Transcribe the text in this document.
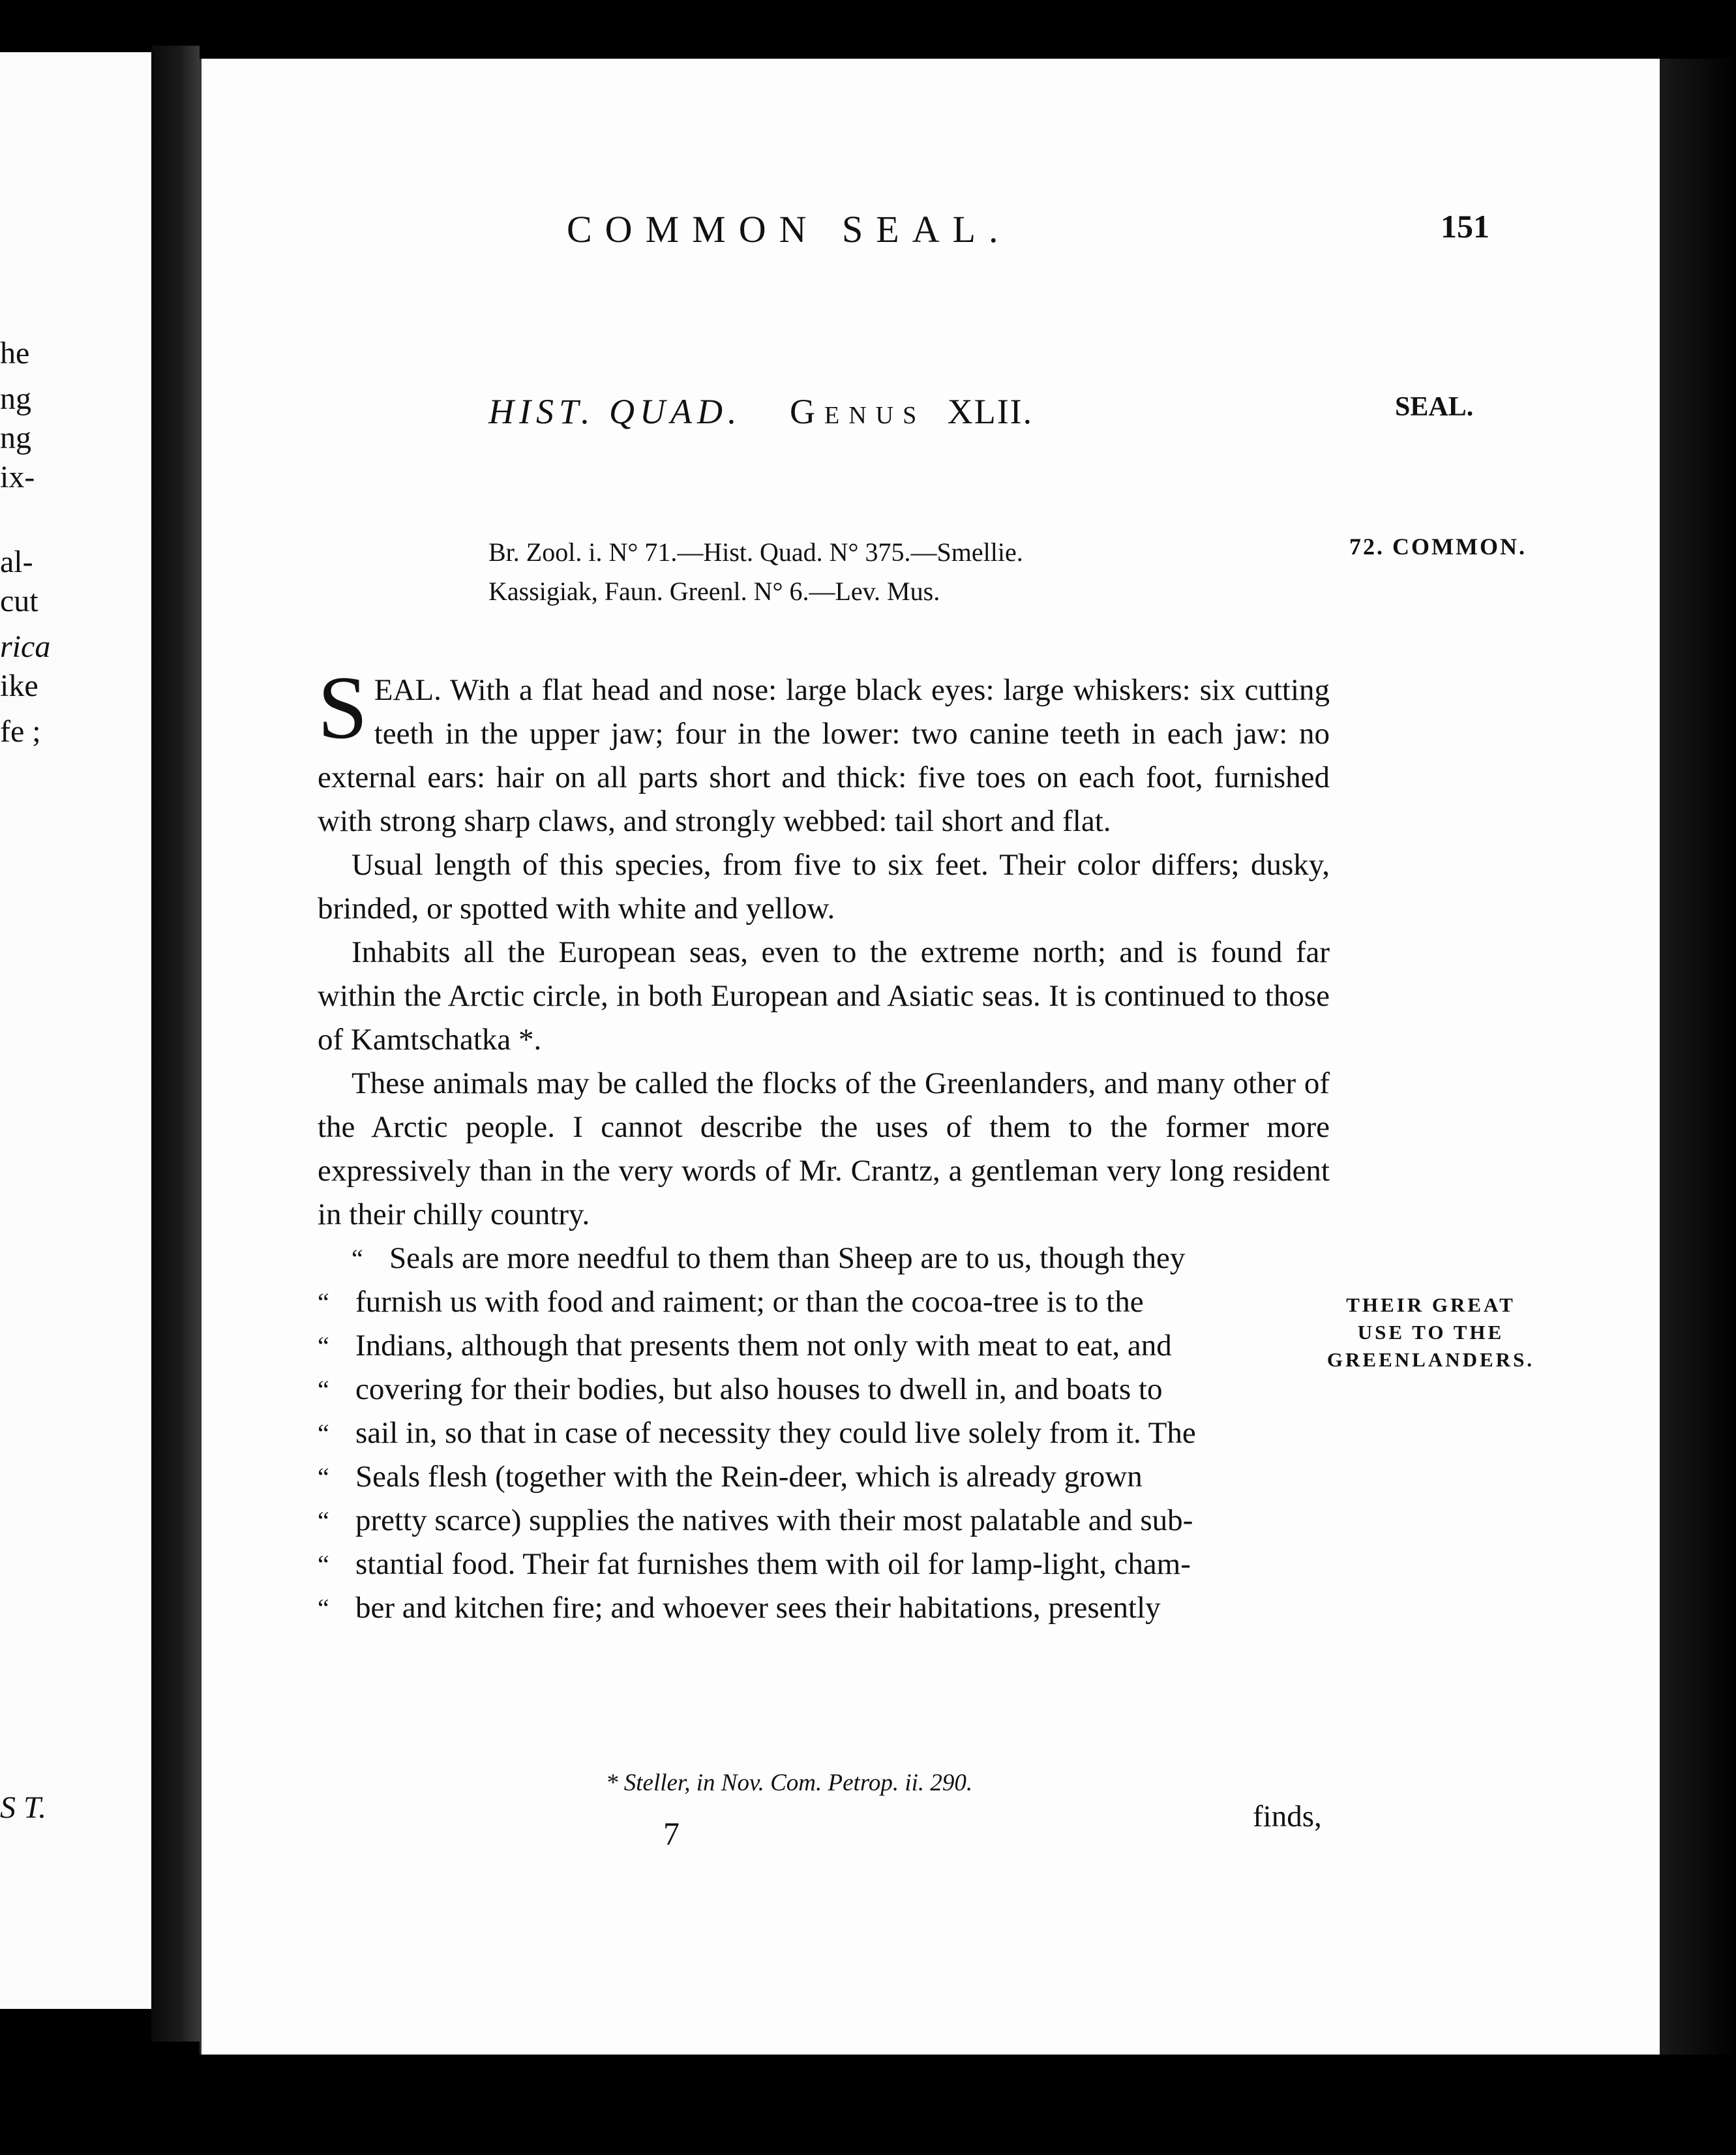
he
ng
ng
ix-
al-
cut
rica
ike
fe ;
S T.
COMMON SEAL.	151
HIST. QUAD. Genus XLII.	SEAL.
Br. Zool. i. N° 71.—Hist. Quad. N° 375.—Smellie.
Kassigiak, Faun. Greenl. N° 6.—Lev. Mus.
72. COMMON.

SEAL. With a flat head and nose: large black eyes: large whiskers: six cutting teeth in the upper jaw; four in the lower: two canine teeth in each jaw: no external ears: hair on all parts short and thick: five toes on each foot, furnished with strong sharp claws, and strongly webbed: tail short and flat.

Usual length of this species, from five to six feet. Their color differs; dusky, brinded, or spotted with white and yellow.

Inhabits all the European seas, even to the extreme north; and is found far within the Arctic circle, in both European and Asiatic seas. It is continued to those of Kamtschatka *.

These animals may be called the flocks of the Greenlanders, and many other of the Arctic people. I cannot describe the uses of them to the former more expressively than in the very words of Mr. Crantz, a gentleman very long resident in their chilly country.

“ Seals are more needful to them than Sheep are to us, though they

“ furnish us with food and raiment; or than the cocoa-tree is to the

“ Indians, although that presents them not only with meat to eat, and

“ covering for their bodies, but also houses to dwell in, and boats to

“ sail in, so that in case of necessity they could live solely from it. The

“ Seals flesh (together with the Rein-deer, which is already grown

“ pretty scarce) supplies the natives with their most palatable and sub-

“ stantial food. Their fat furnishes them with oil for lamp-light, cham-

“ ber and kitchen fire; and whoever sees their habitations, presently

THEIR GREAT USE TO THE GREENLANDERS.
* Steller, in Nov. Com. Petrop. ii. 290.
7	finds,
